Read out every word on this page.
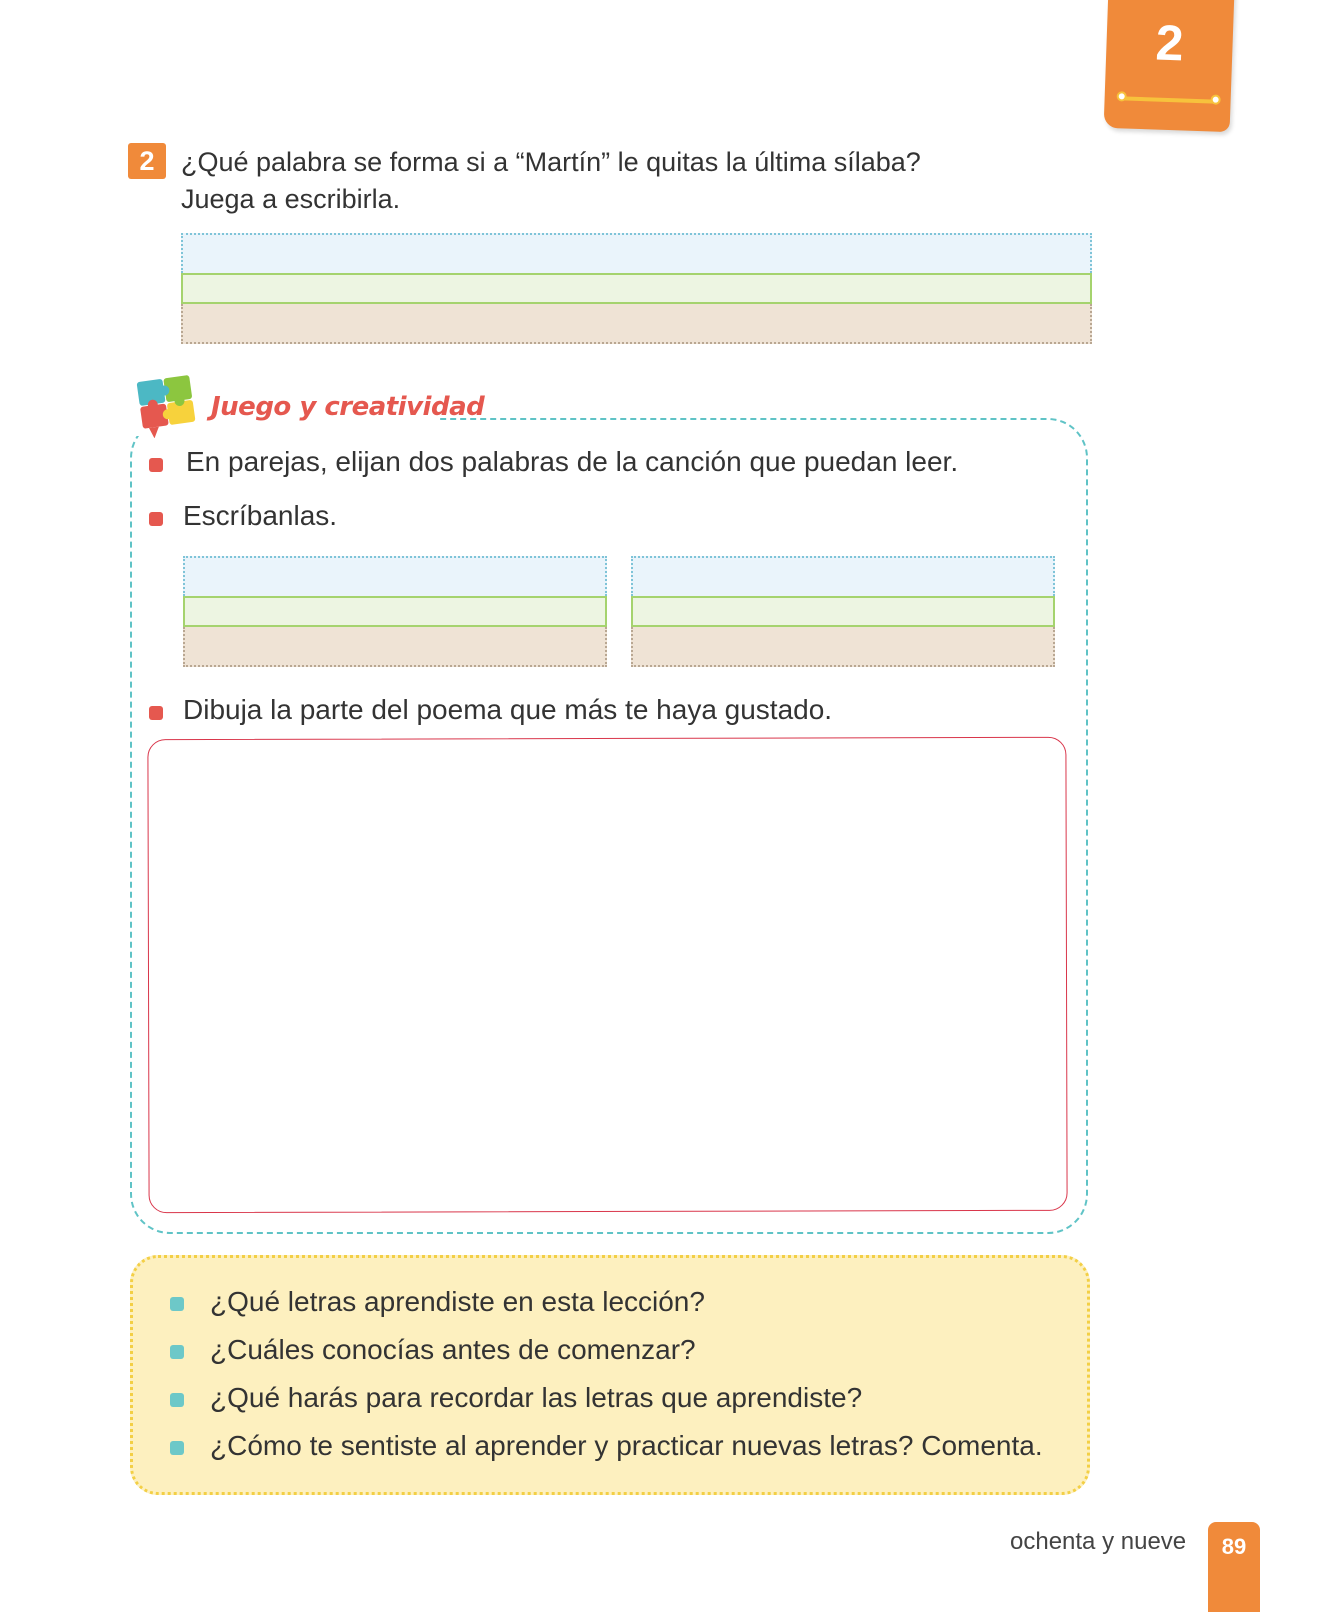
2
2 ¿Qué palabra se forma si a “Martín” le quitas la última sílaba?
Juega a escribirla.
Juego y creatividad
En parejas, elijan dos palabras de la canción que puedan leer.
Escríbanlas.
Dibuja la parte del poema que más te haya gustado.
¿Qué letras aprendiste en esta lección?
¿Cuáles conocías antes de comenzar?
¿Qué harás para recordar las letras que aprendiste?
¿Cómo te sentiste al aprender y practicar nuevas letras? Comenta.
ochenta y nueve	89
